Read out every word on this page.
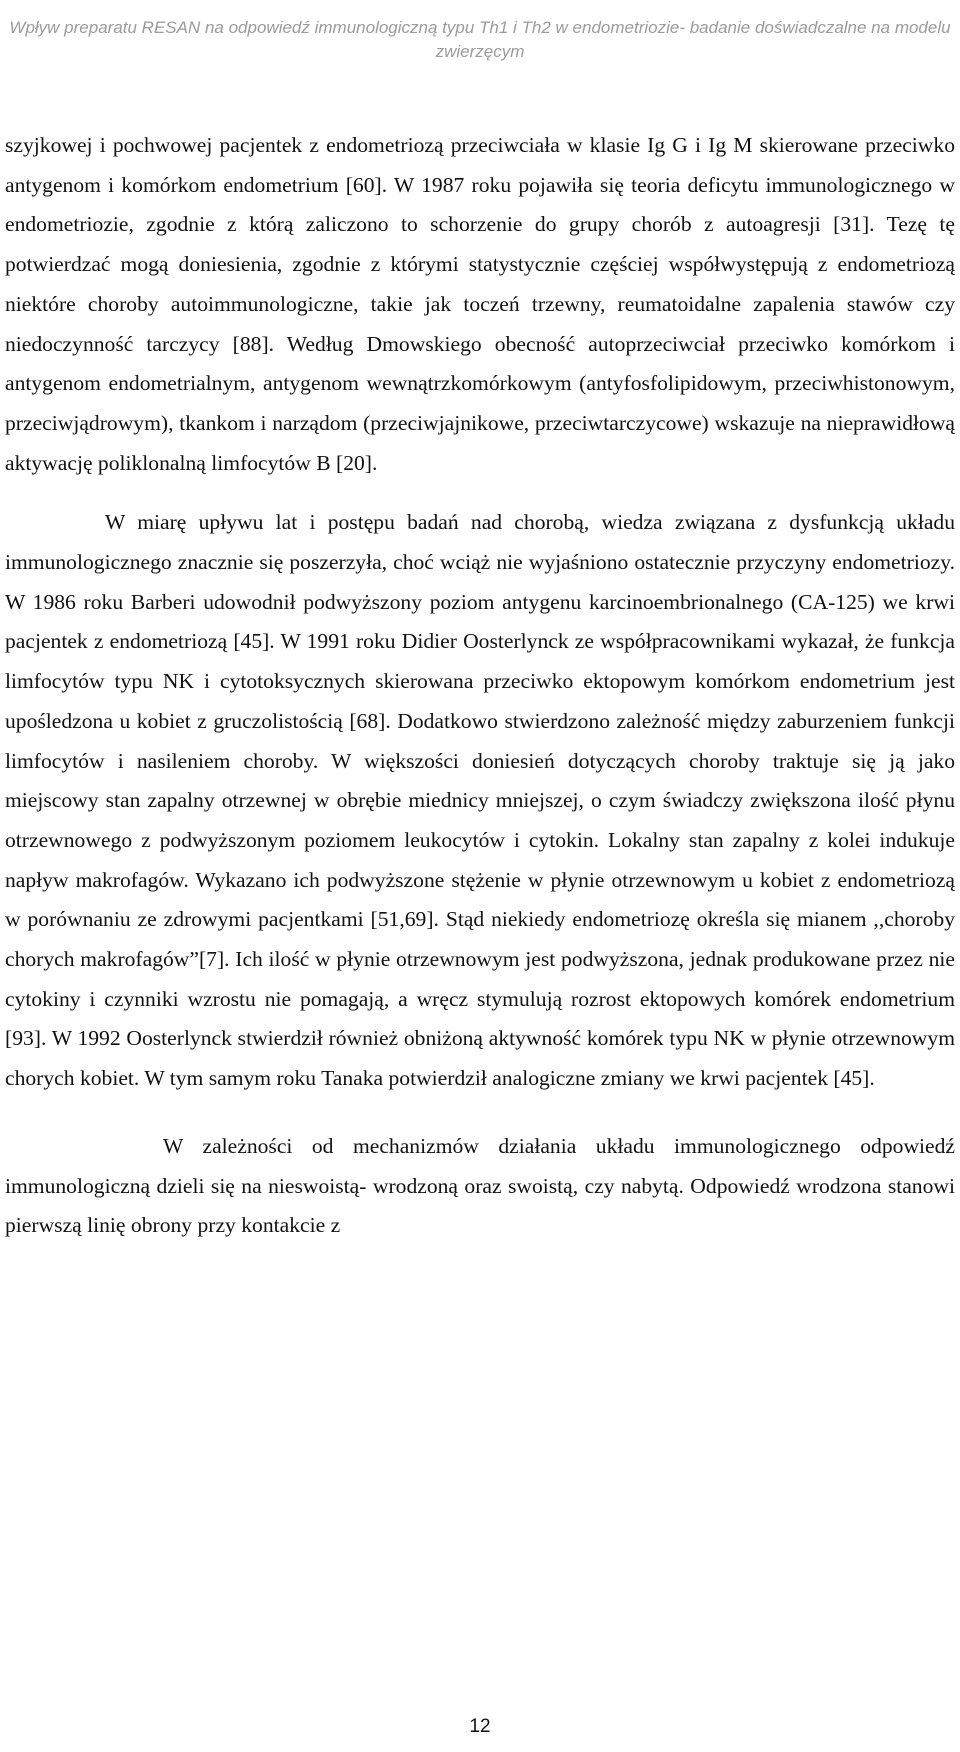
Wpływ preparatu RESAN na odpowiedź immunologiczną typu Th1 i Th2 w endometriozie- badanie doświadczalne na modelu zwierzęcym

szyjkowej i pochwowej pacjentek z endometriozą przeciwciała w klasie Ig G i Ig M skierowane przeciwko antygenom i komórkom endometrium [60]. W 1987 roku pojawiła się teoria deficytu immunologicznego w endometriozie, zgodnie z którą zaliczono to schorzenie do grupy chorób z autoagresji [31]. Tezę tę potwierdzać mogą doniesienia, zgodnie z którymi statystycznie częściej współwystępują z endometriozą niektóre choroby autoimmunologiczne, takie jak toczeń trzewny, reumatoidalne zapalenia stawów czy niedoczynność tarczycy [88]. Według Dmowskiego obecność autoprzeciwciał przeciwko komórkom i antygenom endometrialnym, antygenom wewnątrzkomórkowym (antyfosfolipidowym, przeciwhistonowym, przeciwjądrowym), tkankom i narządom (przeciwjajnikowe, przeciwtarczycowe) wskazuje na nieprawidłową aktywację poliklonalną limfocytów B [20].

W miarę upływu lat i postępu badań nad chorobą, wiedza związana z dysfunkcją układu immunologicznego znacznie się poszerzyła, choć wciąż nie wyjaśniono ostatecznie przyczyny endometriozy. W 1986 roku Barberi udowodnił podwyższony poziom antygenu karcinoembrionalnego (CA-125) we krwi pacjentek z endometriozą [45]. W 1991 roku Didier Oosterlynck ze współpracownikami wykazał, że funkcja limfocytów typu NK i cytotoksycznych skierowana przeciwko ektopowym komórkom endometrium jest upośledzona u kobiet z gruczolistością [68]. Dodatkowo stwierdzono zależność między zaburzeniem funkcji limfocytów i nasileniem choroby. W większości doniesień dotyczących choroby traktuje się ją jako miejscowy stan zapalny otrzewnej w obrębie miednicy mniejszej, o czym świadczy zwiększona ilość płynu otrzewnowego z podwyższonym poziomem leukocytów i cytokin. Lokalny stan zapalny z kolei indukuje napływ makrofagów. Wykazano ich podwyższone stężenie w płynie otrzewnowym u kobiet z endometriozą w porównaniu ze zdrowymi pacjentkami [51,69]. Stąd niekiedy endometriozę określa się mianem ,,choroby chorych makrofagów”[7]. Ich ilość w płynie otrzewnowym jest podwyższona, jednak produkowane przez nie cytokiny i czynniki wzrostu nie pomagają, a wręcz stymulują rozrost ektopowych komórek endometrium [93]. W 1992 Oosterlynck stwierdził również obniżoną aktywność komórek typu NK w płynie otrzewnowym chorych kobiet. W tym samym roku Tanaka potwierdził analogiczne zmiany we krwi pacjentek [45].

W zależności od mechanizmów działania układu immunologicznego odpowiedź immunologiczną dzieli się na nieswoistą- wrodzoną oraz swoistą, czy nabytą. Odpowiedź wrodzona stanowi pierwszą linię obrony przy kontakcie z

12
